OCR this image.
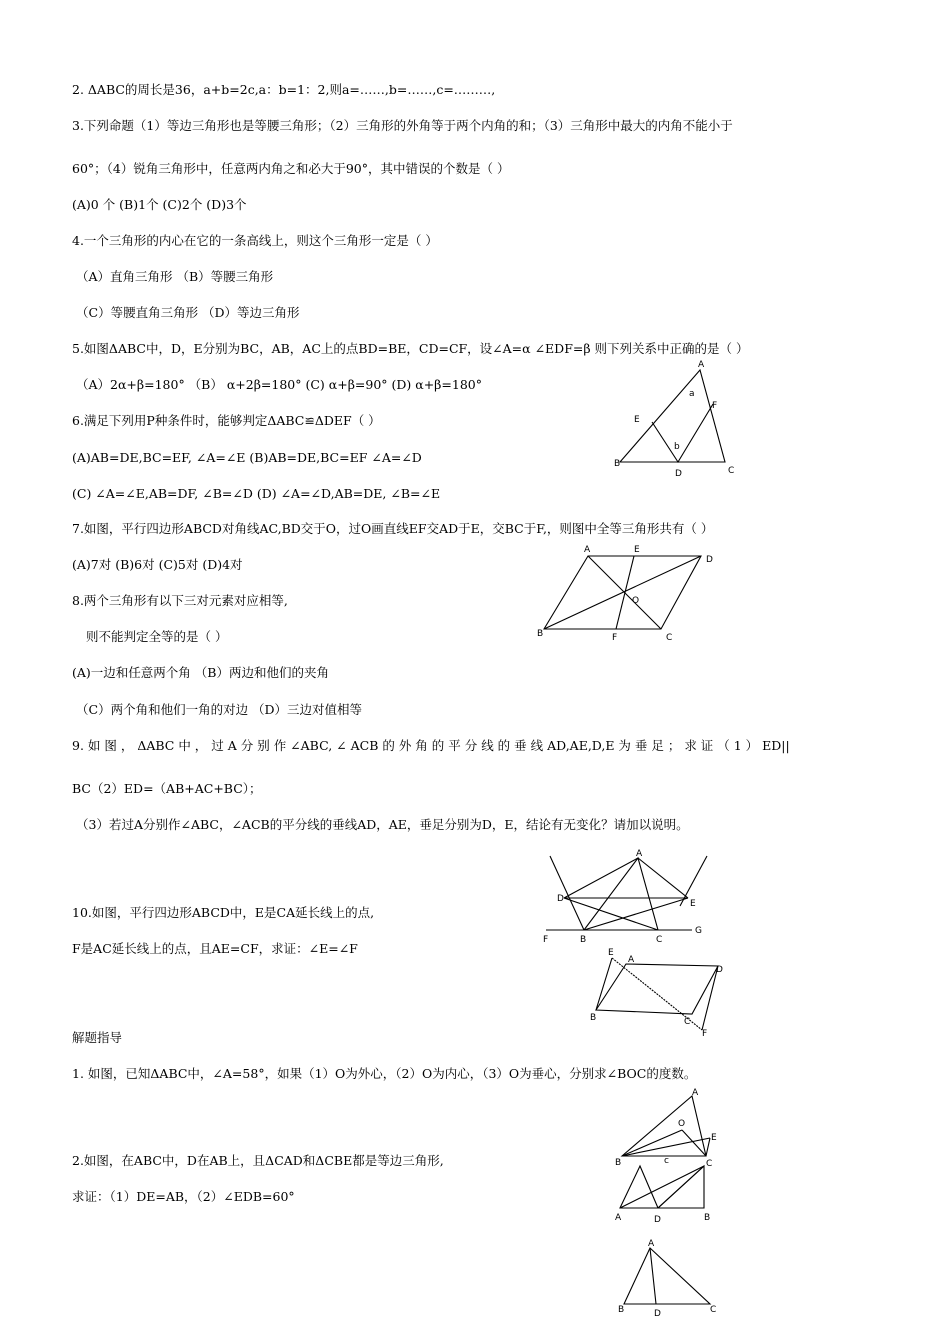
2. ΔABC的周长是36，a+b=2c,a：b=1：2,则a=……,b=……,c=………,
3.下列命题（1）等边三角形也是等腰三角形；（2）三角形的外角等于两个内角的和；（3）三角形中最大的内角不能小于
60°；（4）锐角三角形中，任意两内角之和必大于90°，其中错误的个数是（ ）
(A)0 个 (B)1个 (C)2个 (D)3个
4.一个三角形的内心在它的一条高线上，则这个三角形一定是（ ）
（A）直角三角形 （B）等腰三角形
（C）等腰直角三角形 （D）等边三角形
5.如图ΔABC中，D，E分别为BC，AB，AC上的点BD=BE，CD=CF，设∠A=α ∠EDF=β 则下列关系中正确的是（ ）
（A）2α+β=180° （B） α+2β=180° (C) α+β=90° (D) α+β=180°
6.满足下列用P种条件时，能够判定ΔABC≌ΔDEF（ ）
(A)AB=DE,BC=EF, ∠A=∠E (B)AB=DE,BC=EF ∠A=∠D
(C) ∠A=∠E,AB=DF, ∠B=∠D (D) ∠A=∠D,AB=DE, ∠B=∠E
7.如图，平行四边形ABCD对角线AC,BD交于O，过O画直线EF交AD于E，交BC于F,，则图中全等三角形共有（ ）
(A)7对 (B)6对 (C)5对 (D)4对
8.两个三角形有以下三对元素对应相等,
则不能判定全等的是（ ）
(A)一边和任意两个角 （B）两边和他们的夹角
（C）两个角和他们一角的对边 （D）三边对值相等
9. 如 图 ， ΔABC 中 ， 过 A 分 别 作 ∠ABC, ∠ ACB 的 外 角 的 平 分 线 的 垂 线 AD,AE,D,E 为 垂 足 ； 求 证 （ 1 ） ED||
BC（2）ED=（AB+AC+BC）；
（3）若过A分别作∠ABC，∠ACB的平分线的垂线AD，AE，垂足分别为D，E，结论有无变化？请加以说明。
10.如图，平行四边形ABCD中，E是CA延长线上的点,
F是AC延长线上的点，且AE=CF，求证：∠E=∠F
解题指导
1. 如图，已知ΔABC中，∠A=58°，如果（1）O为外心，（2）O为内心，（3）O为垂心，分别求∠BOC的度数。
2.如图，在ABC中，D在AB上，且ΔCAD和ΔCBE都是等边三角形,
求证：（1）DE=AB，（2）∠EDB=60°
A
E
F
B
D	C
a
b
A	E
D
O
B	F	C
A
D	E
F	B	C
G
E
A
D
B	C
F
A
O
E
B	C
c
A	D	B
A
B	D	C
